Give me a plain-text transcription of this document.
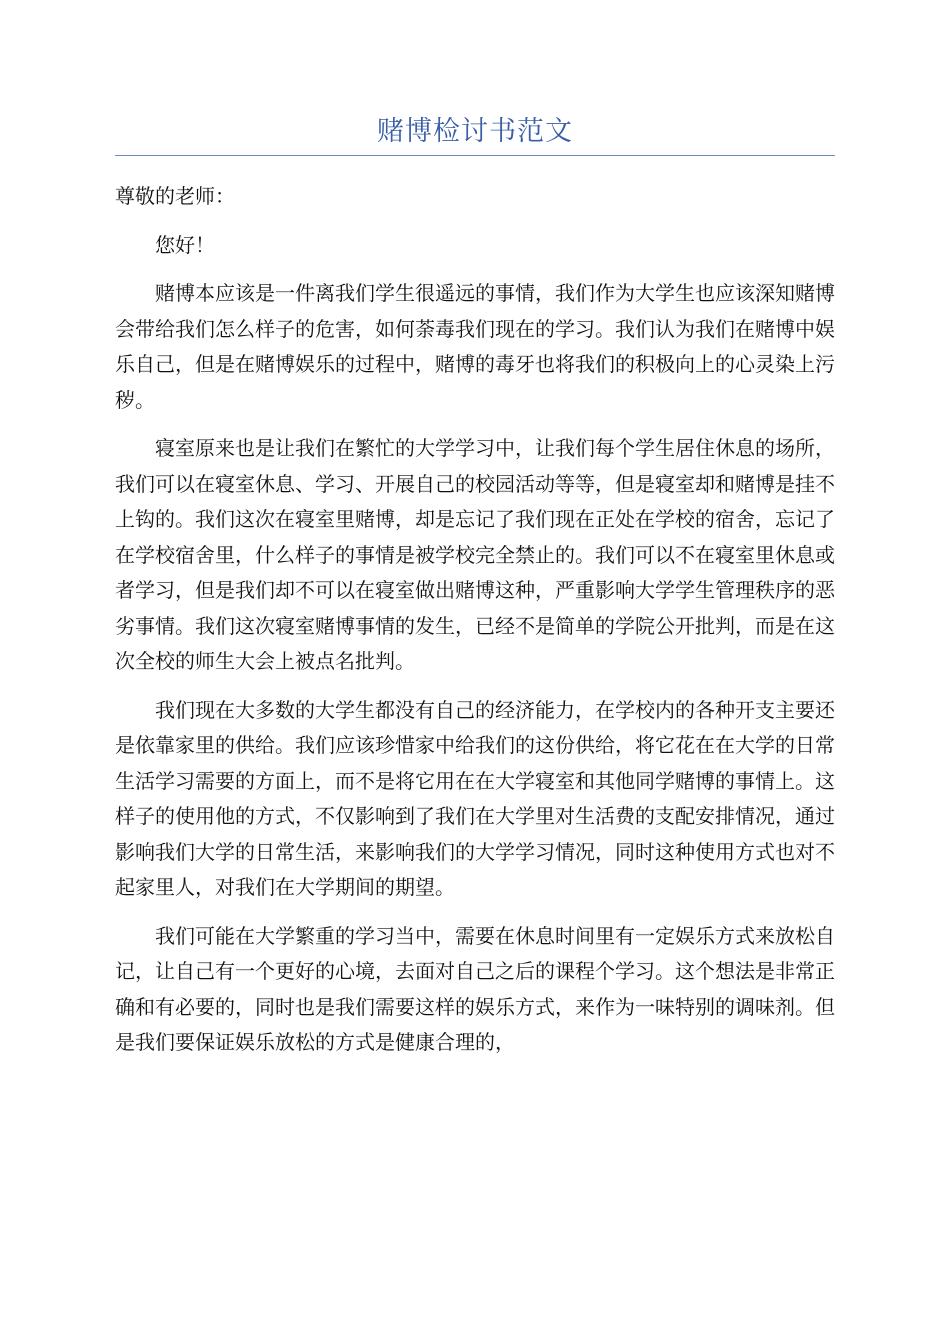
赌博检讨书范文

尊敬的老师：

您好！

赌博本应该是一件离我们学生很遥远的事情，我们作为大学生也应该深知赌博会带给我们怎么样子的危害，如何荼毒我们现在的学习。我们认为我们在赌博中娱乐自己，但是在赌博娱乐的过程中，赌博的毒牙也将我们的积极向上的心灵染上污秽。

寝室原来也是让我们在繁忙的大学学习中，让我们每个学生居住休息的场所，我们可以在寝室休息、学习、开展自己的校园活动等等，但是寝室却和赌博是挂不上钩的。我们这次在寝室里赌博，却是忘记了我们现在正处在学校的宿舍，忘记了在学校宿舍里，什么样子的事情是被学校完全禁止的。我们可以不在寝室里休息或者学习，但是我们却不可以在寝室做出赌博这种，严重影响大学学生管理秩序的恶劣事情。我们这次寝室赌博事情的发生，已经不是简单的学院公开批判，而是在这次全校的师生大会上被点名批判。

我们现在大多数的大学生都没有自己的经济能力，在学校内的各种开支主要还是依靠家里的供给。我们应该珍惜家中给我们的这份供给，将它花在在大学的日常生活学习需要的方面上，而不是将它用在在大学寝室和其他同学赌博的事情上。这样子的使用他的方式，不仅影响到了我们在大学里对生活费的支配安排情况，通过影响我们大学的日常生活，来影响我们的大学学习情况，同时这种使用方式也对不起家里人，对我们在大学期间的期望。

我们可能在大学繁重的学习当中，需要在休息时间里有一定娱乐方式来放松自记，让自己有一个更好的心境，去面对自己之后的课程个学习。这个想法是非常正确和有必要的，同时也是我们需要这样的娱乐方式，来作为一味特别的调味剂。但是我们要保证娱乐放松的方式是健康合理的，
